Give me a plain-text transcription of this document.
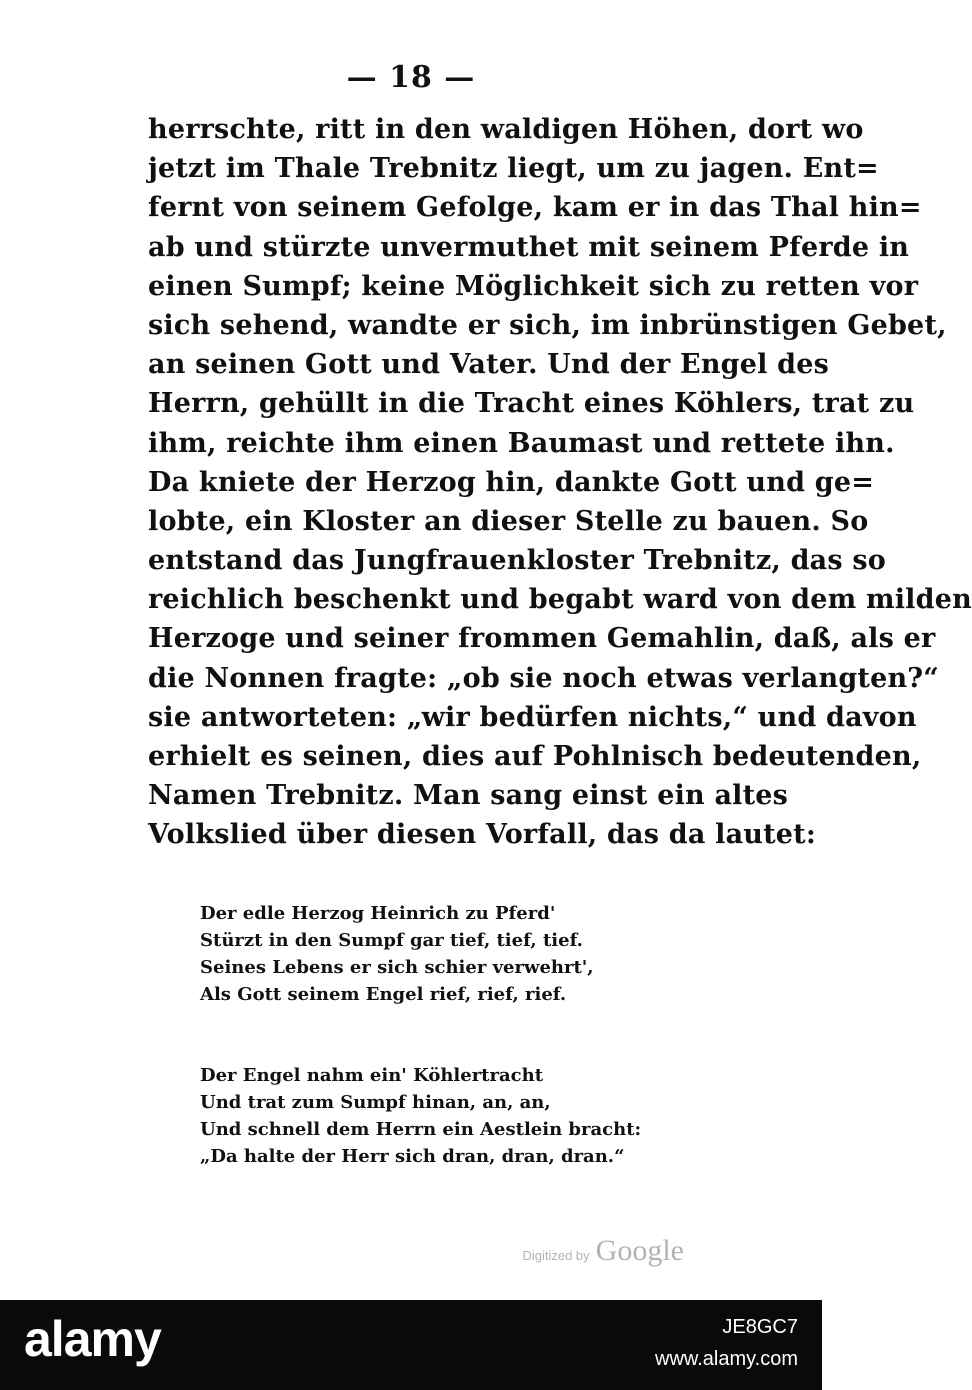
— 18 —
herrschte, ritt in den waldigen Höhen, dort wo
jetzt im Thale Trebnitz liegt, um zu jagen. Ent=
fernt von seinem Gefolge, kam er in das Thal hin=
ab und stürzte unvermuthet mit seinem Pferde in
einen Sumpf; keine Möglichkeit sich zu retten vor
sich sehend, wandte er sich, im inbrünstigen Gebet,
an seinen Gott und Vater. Und der Engel des
Herrn, gehüllt in die Tracht eines Köhlers, trat zu
ihm, reichte ihm einen Baumast und rettete ihn.
Da kniete der Herzog hin, dankte Gott und ge=
lobte, ein Kloster an dieser Stelle zu bauen. So
entstand das Jungfrauenkloster Trebnitz, das so
reichlich beschenkt und begabt ward von dem milden
Herzoge und seiner frommen Gemahlin, daß, als er
die Nonnen fragte: „ob sie noch etwas verlangten?“
sie antworteten: „wir bedürfen nichts,“ und davon
erhielt es seinen, dies auf Pohlnisch bedeutenden,
Namen Trebnitz. Man sang einst ein altes
Volkslied über diesen Vorfall, das da lautet:
Der edle Herzog Heinrich zu Pferd'
Stürzt in den Sumpf gar tief, tief, tief.
Seines Lebens er sich schier verwehrt',
Als Gott seinem Engel rief, rief, rief.
Der Engel nahm ein' Köhlertracht
Und trat zum Sumpf hinan, an, an,
Und schnell dem Herrn ein Aestlein bracht:
„Da halte der Herr sich dran, dran, dran.“
Digitized by Google
alamy	JE8GC7
www.alamy.com
